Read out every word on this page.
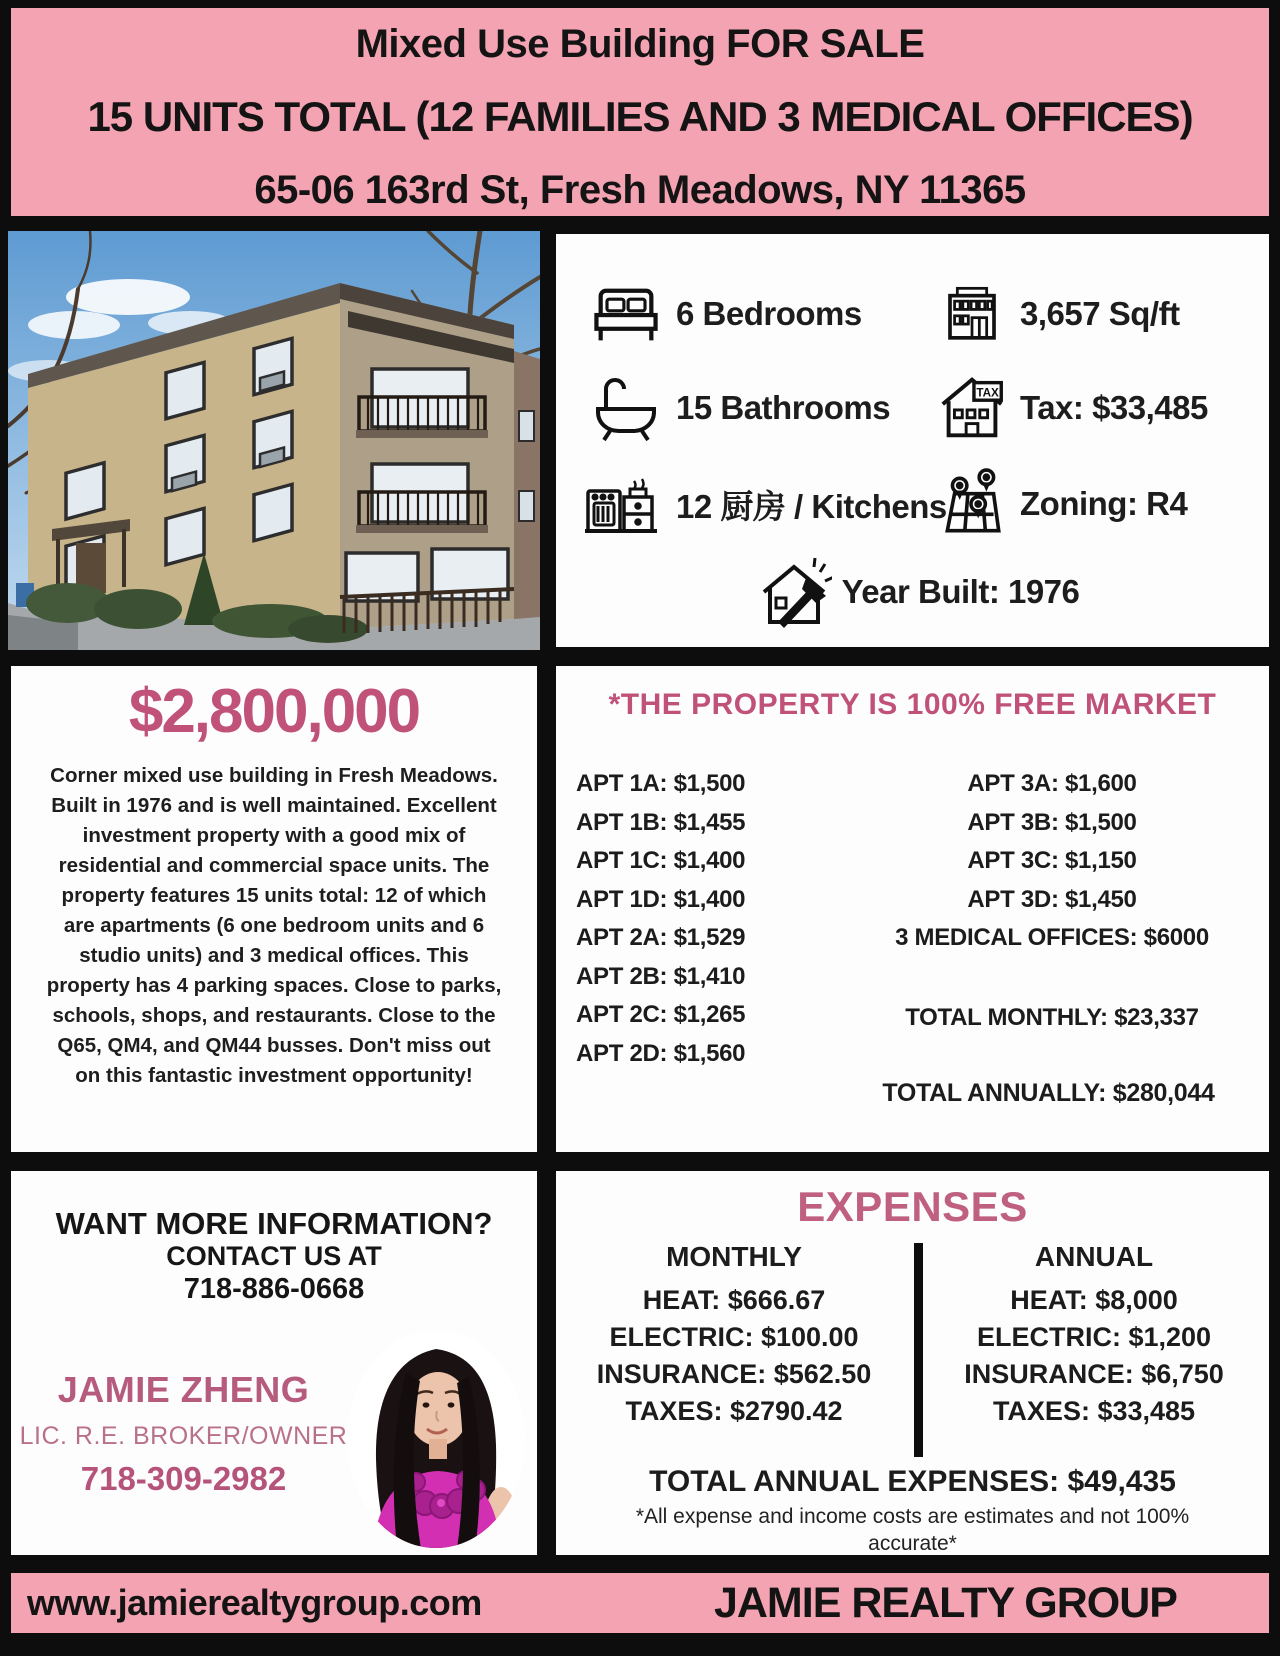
Mixed Use Building FOR SALE
15 UNITS TOTAL (12 FAMILIES AND 3 MEDICAL OFFICES)
65-06 163rd St, Fresh Meadows, NY 11365
6 Bedrooms	3,657 Sq/ft
15 Bathrooms	TAX Tax: $33,485
12 厨房 / Kitchens Zoning: R4
Year Built: 1976
$2,800,000
Corner mixed use building in Fresh Meadows. Built in 1976 and is well maintained. Excellent investment property with a good mix of residential and commercial space units. The property features 15 units total: 12 of which are apartments (6 one bedroom units and 6 studio units) and 3 medical offices. This property has 4 parking spaces. Close to parks, schools, shops, and restaurants. Close to the Q65, QM4, and QM44 busses. Don't miss out on this fantastic investment opportunity!
*THE PROPERTY IS 100% FREE MARKET
APT 1A: $1,500
APT 1B: $1,455
APT 1C: $1,400
APT 1D: $1,400
APT 2A: $1,529
APT 2B: $1,410
APT 2C: $1,265
APT 2D: $1,560
APT 3A: $1,600
APT 3B: $1,500
APT 3C: $1,150
APT 3D: $1,450
3 MEDICAL OFFICES: $6000
TOTAL MONTHLY: $23,337
TOTAL ANNUALLY: $280,044
WANT MORE INFORMATION?
CONTACT US AT
718-886-0668
JAMIE ZHENG
LIC. R.E. BROKER/OWNER
718-309-2982
EXPENSES
MONTHLY
HEAT: $666.67
ELECTRIC: $100.00
INSURANCE: $562.50
TAXES: $2790.42
ANNUAL
HEAT: $8,000
ELECTRIC: $1,200
INSURANCE: $6,750
TAXES: $33,485
TOTAL ANNUAL EXPENSES: $49,435
*All expense and income costs are estimates and not 100% accurate*
www.jamierealtygroup.com	JAMIE REALTY GROUP
